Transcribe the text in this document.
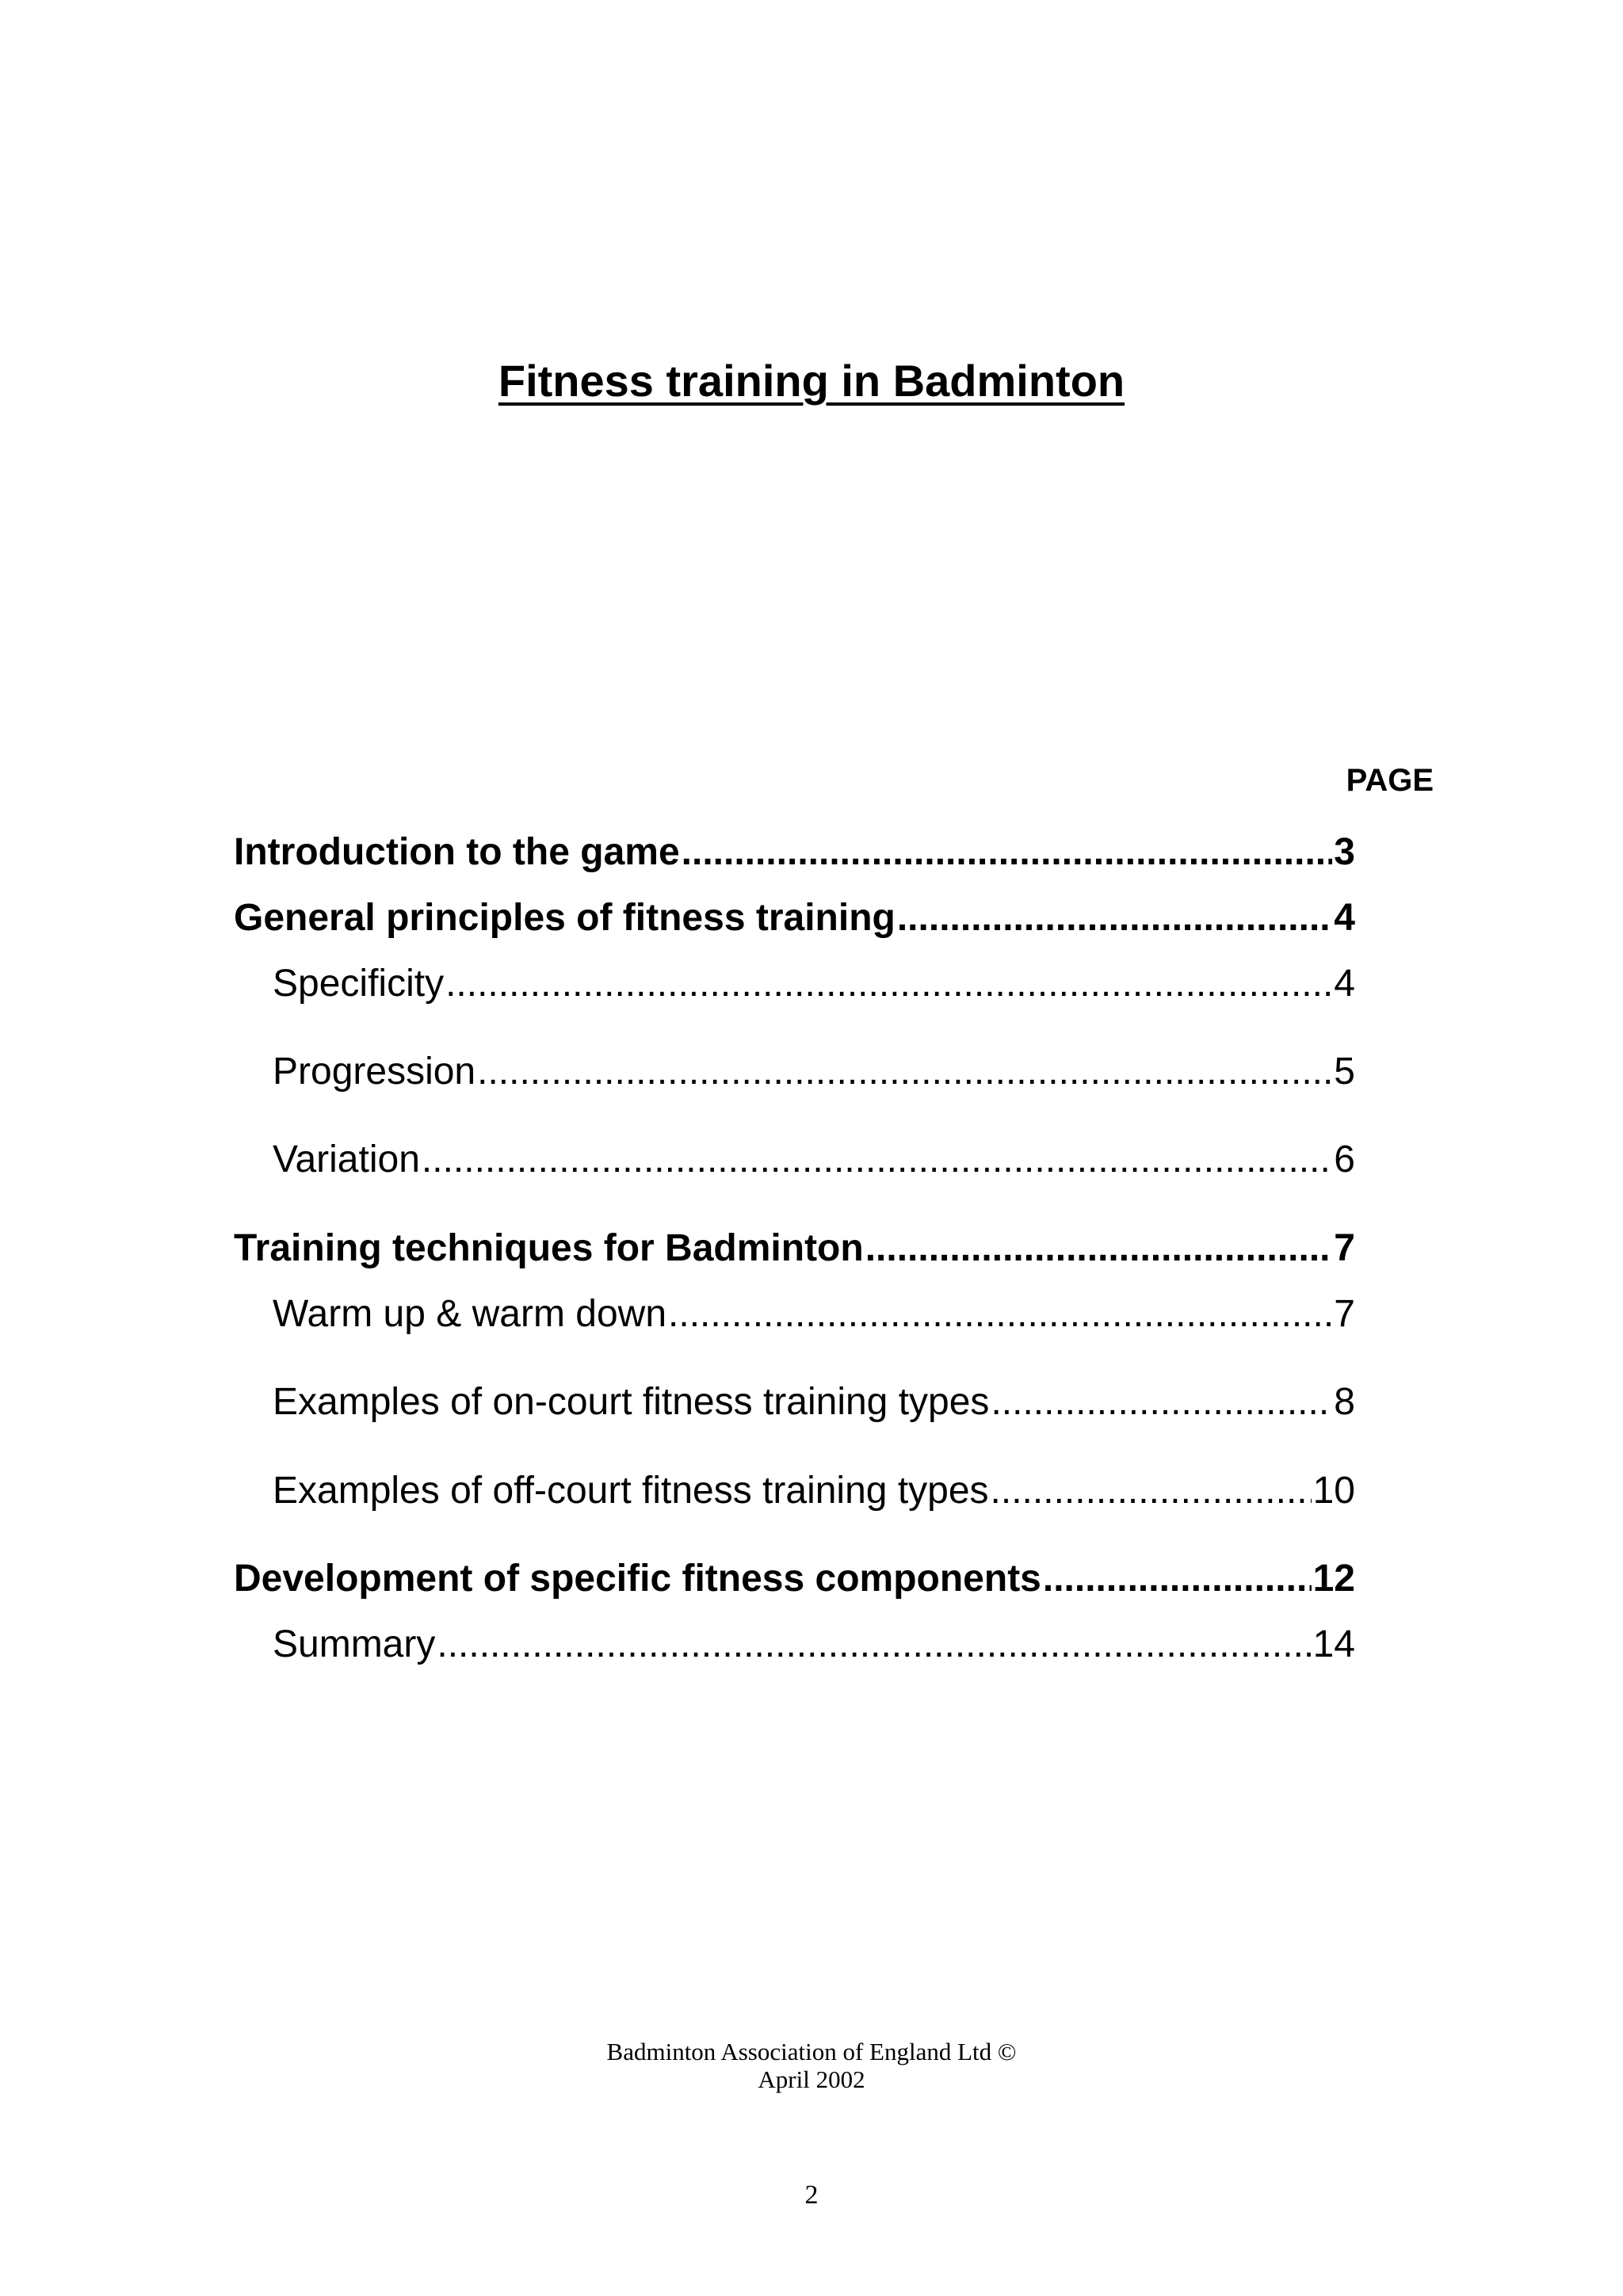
Fitness training in Badminton
PAGE
Introduction to the game .....	3
General principles of fitness training .....	4
Specificity .....	4
Progression .....	5
Variation .....	6
Training techniques for Badminton .....	7
Warm up & warm down .....	7
Examples of on-court fitness training types .....	8
Examples of off-court fitness training types .....	10
Development of specific fitness components .....	12
Summary .....	14
Badminton Association of England Ltd ©
April 2002
2
